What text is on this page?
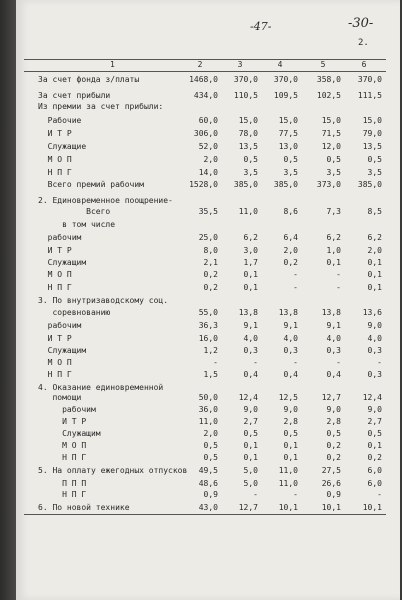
-47-	-30-
2.
1	2	3	4	5	6
За счет фонда з/платы	1468,0	370,0	370,0	358,0	370,0
За счет прибыли	434,0	110,5	109,5	102,5	111,5
Из премии за счет прибыли:
Рабочие	60,0	15,0	15,0	15,0	15,0
И Т Р	306,0	78,0	77,5	71,5	79,0
Служащие	52,0	13,5	13,0	12,0	13,5
М О П	2,0	0,5	0,5	0,5	0,5
Н П Г	14,0	3,5	3,5	3,5	3,5
Всего премий рабочим	1528,0	385,0	385,0	373,0	385,0
2. Единовременное поощрение-
Всего	35,5	11,0	8,6	7,3	8,5
в том числе
рабочим	25,0	6,2	6,4	6,2	6,2
И Т Р	8,0	3,0	2,0	1,0	2,0
Служащим	2,1	1,7	0,2	0,1	0,1
М О П	0,2	0,1	-	-	0,1
Н П Г	0,2	0,1	-	-	0,1
3. По внутризаводскому соц.
соревнованию	55,0	13,8	13,8	13,8	13,6
рабочим	36,3	9,1	9,1	9,1	9,0
И Т Р	16,0	4,0	4,0	4,0	4,0
Служащим	1,2	0,3	0,3	0,3	0,3
М О П	-	-	-	-	-
Н П Г	1,5	0,4	0,4	0,4	0,3
4. Оказание единовременной
помощи	50,0	12,4	12,5	12,7	12,4
рабочим	36,0	9,0	9,0	9,0	9,0
И Т Р	11,0	2,7	2,8	2,8	2,7
Служащим	2,0	0,5	0,5	0,5	0,5
М О П	0,5	0,1	0,1	0,2	0,1
Н П Г	0,5	0,1	0,1	0,2	0,2
5. На оплату ежегодных отпусков	49,5	5,0	11,0	27,5	6,0
П П П	48,6	5,0	11,0	26,6	6,0
Н П Г	0,9	-	-	0,9	-
6. По новой технике	43,0	12,7	10,1	10,1	10,1
